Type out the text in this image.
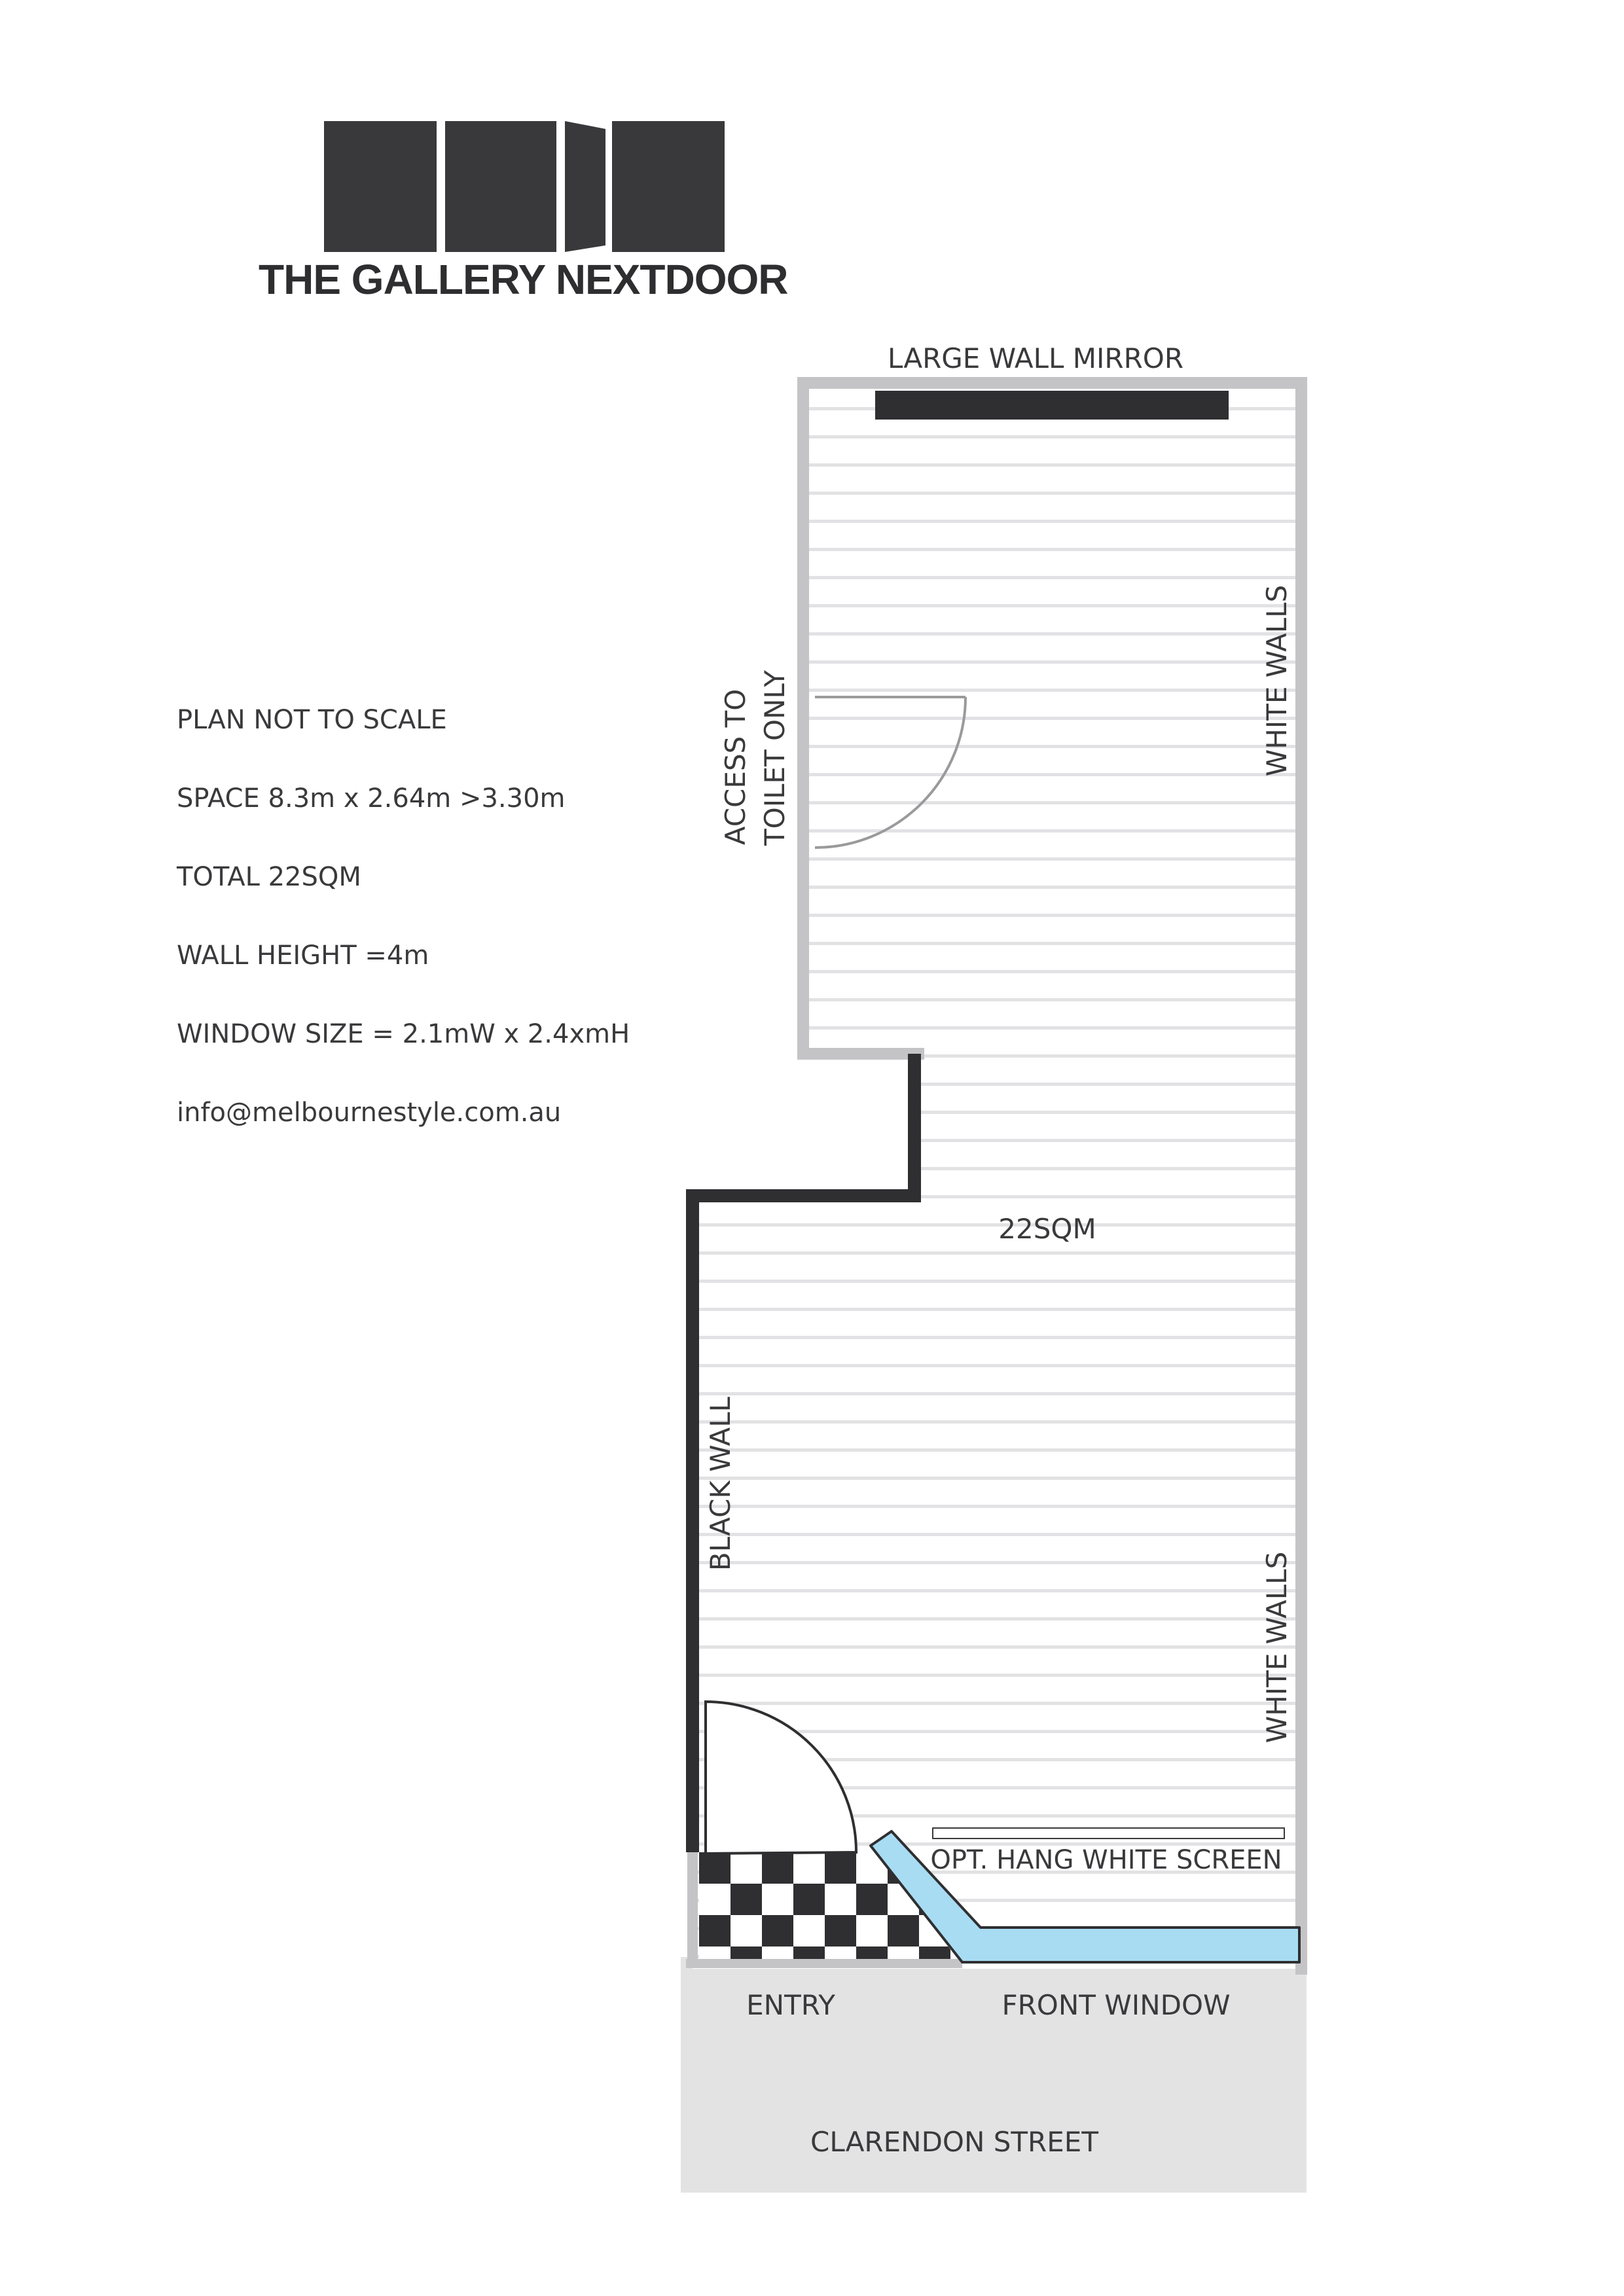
THE GALLERY NEXTDOOR
PLAN NOT TO SCALE
SPACE 8.3m x 2.64m >3.30m
TOTAL 22SQM
WALL HEIGHT =4m
WINDOW SIZE = 2.1mW x 2.4xmH
info@melbournestyle.com.au
LARGE WALL MIRROR
WHITE WALLS
ACCESS TO TOILET ONLY
22SQM
BLACK WALL
WHITE WALLS
OPT. HANG WHITE SCREEN
ENTRY	FRONT WINDOW
CLARENDON STREET
